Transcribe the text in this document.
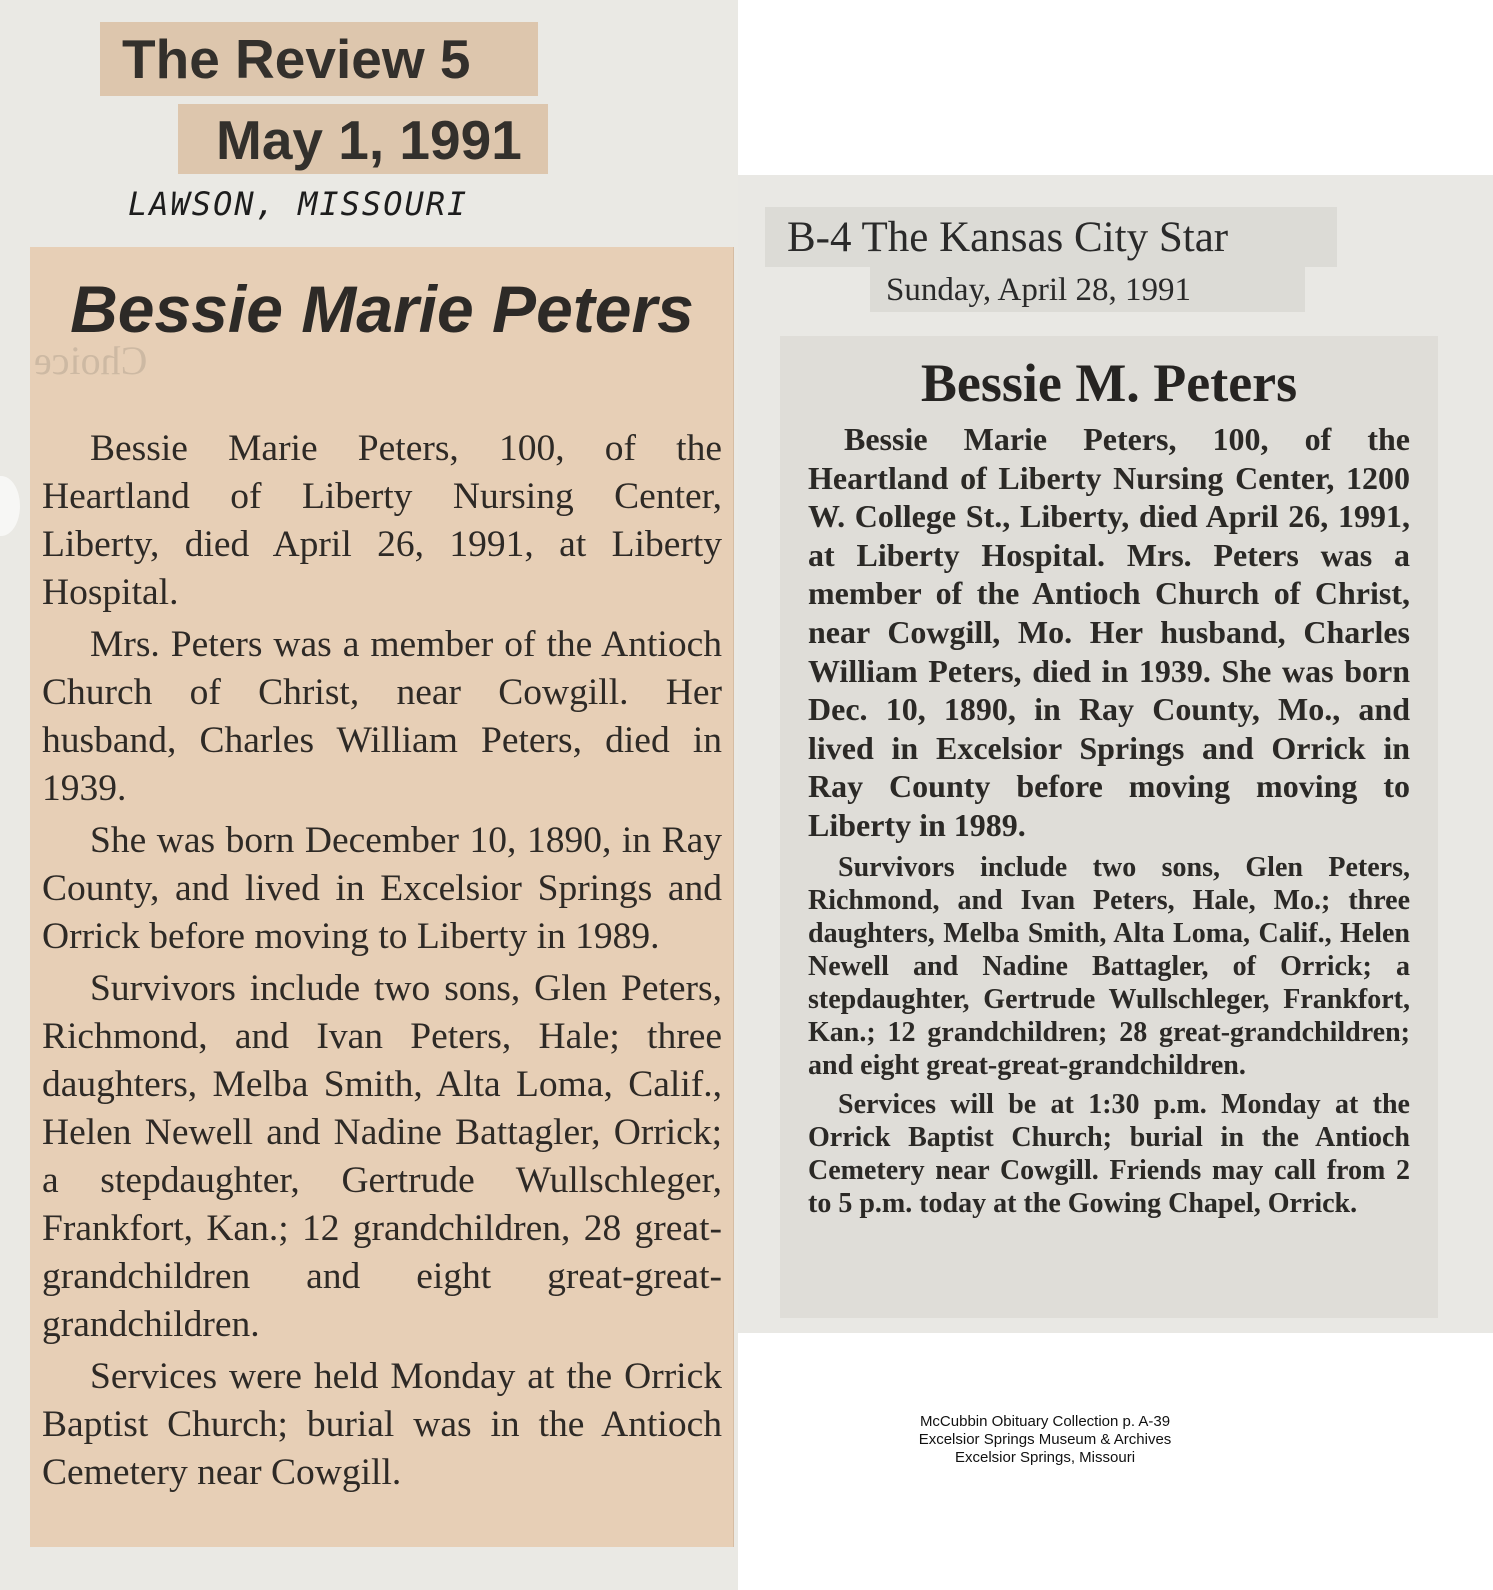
The Review 5
May 1, 1991
LAWSON, MISSOURI
Choice
Bessie Marie Peters

Bessie Marie Peters, 100, of the Heartland of Liberty Nursing Center, Liberty, died April 26, 1991, at Liberty Hospital.

Mrs. Peters was a member of the Antioch Church of Christ, near Cowgill. Her husband, Charles William Peters, died in 1939.

She was born December 10, 1890, in Ray County, and lived in Excelsior Springs and Orrick before moving to Liberty in 1989.

Survivors include two sons, Glen Peters, Richmond, and Ivan Peters, Hale; three daughters, Melba Smith, Alta Loma, Calif., Helen Newell and Nadine Battagler, Orrick; a stepdaughter, Gertrude Wullschleger, Frankfort, Kan.; 12 grandchildren, 28 great-grandchildren and eight great-great-grandchildren.

Services were held Monday at the Orrick Baptist Church; burial was in the Antioch Cemetery near Cowgill.

B-4 The Kansas City Star
Sunday, April 28, 1991
Bessie M. Peters

Bessie Marie Peters, 100, of the Heartland of Liberty Nursing Center, 1200 W. College St., Liberty, died April 26, 1991, at Liberty Hospital. Mrs. Peters was a member of the Antioch Church of Christ, near Cowgill, Mo. Her husband, Charles William Peters, died in 1939. She was born Dec. 10, 1890, in Ray County, Mo., and lived in Excelsior Springs and Orrick in Ray County before moving moving to Liberty in 1989.

Survivors include two sons, Glen Peters, Richmond, and Ivan Peters, Hale, Mo.; three daughters, Melba Smith, Alta Loma, Calif., Helen Newell and Nadine Battagler, of Orrick; a stepdaughter, Gertrude Wullschleger, Frankfort, Kan.; 12 grandchildren; 28 great-grandchildren; and eight great-great-grandchildren.

Services will be at 1:30 p.m. Monday at the Orrick Baptist Church; burial in the Antioch Cemetery near Cowgill. Friends may call from 2 to 5 p.m. today at the Gowing Chapel, Orrick.

McCubbin Obituary Collection p. A-39
Excelsior Springs Museum & Archives
Excelsior Springs, Missouri
